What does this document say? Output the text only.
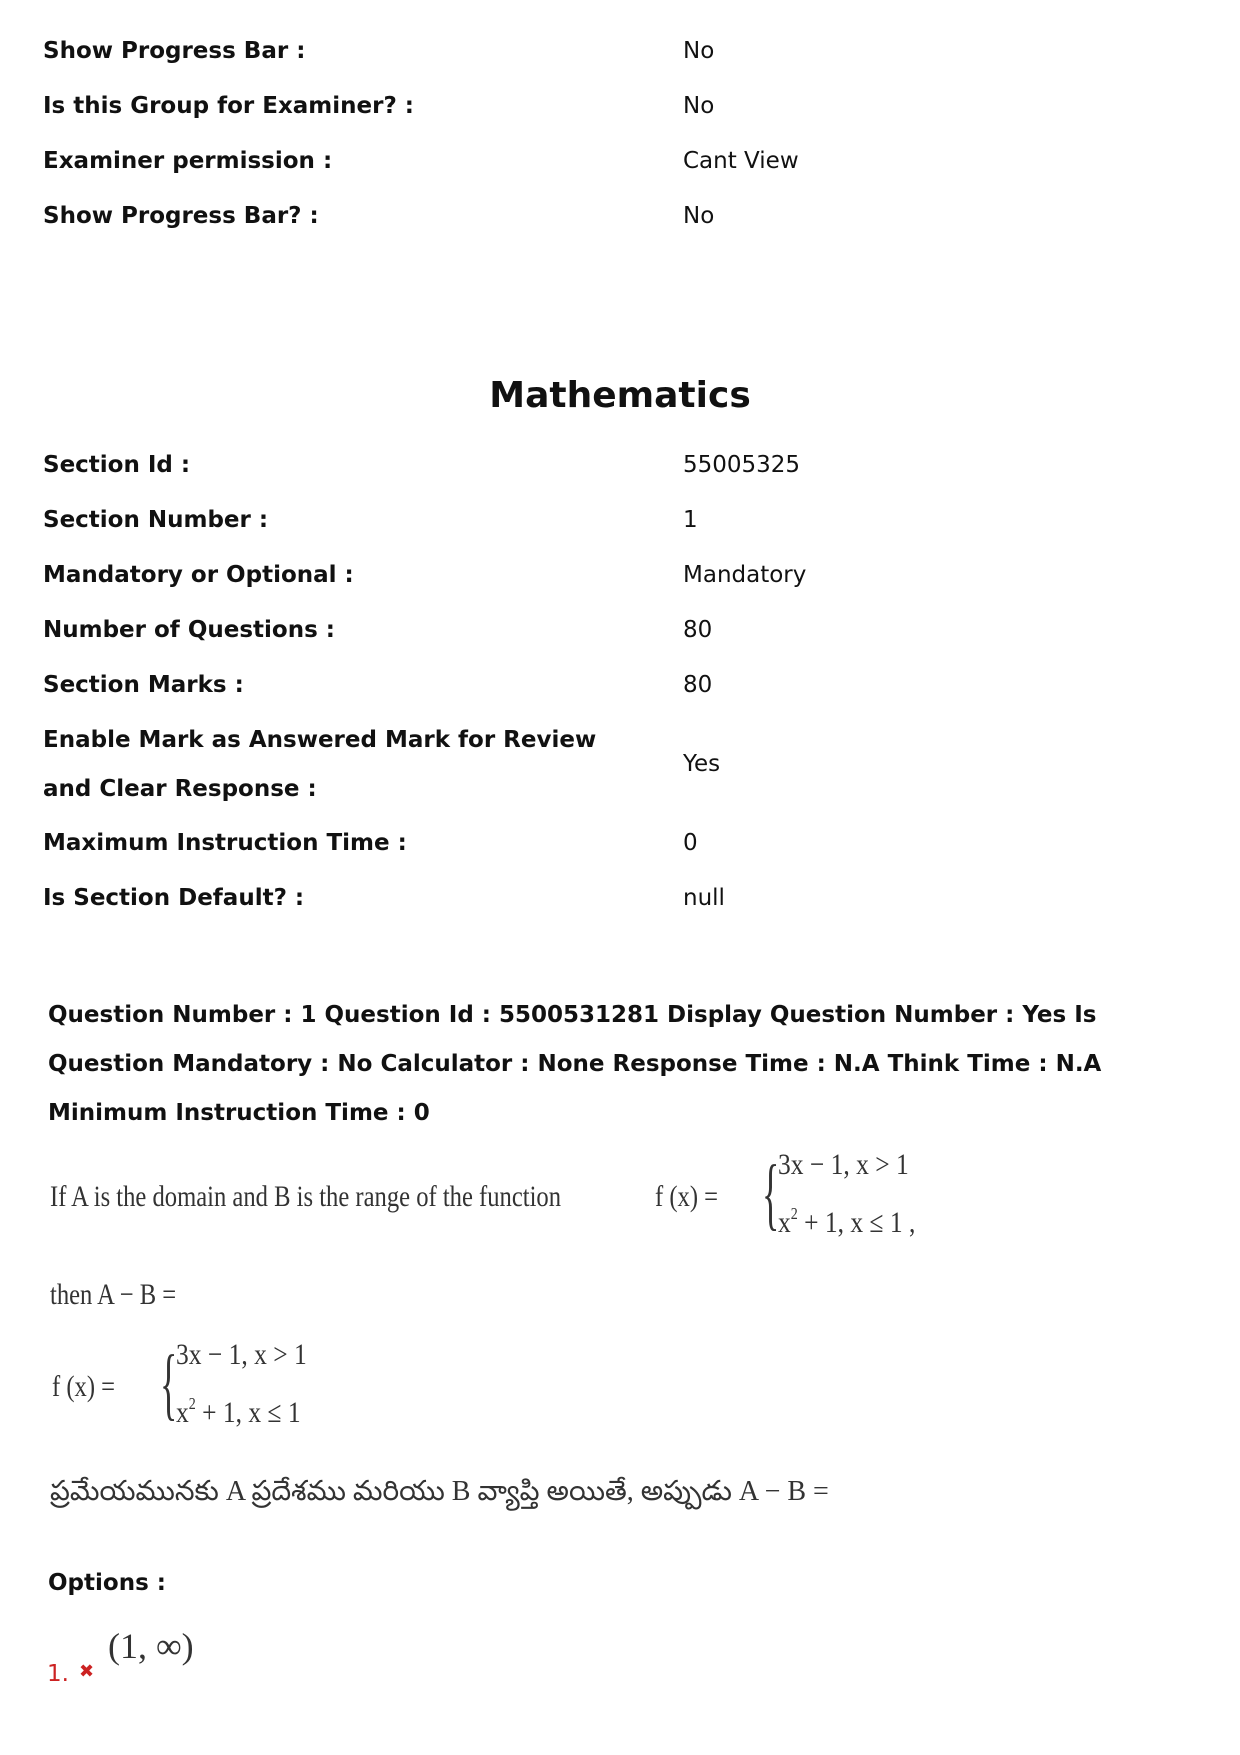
Show Progress Bar :	No
Is this Group for Examiner? :	No
Examiner permission :	Cant View
Show Progress Bar? :	No
Mathematics
Section Id :	55005325
Section Number :	1
Mandatory or Optional :	Mandatory
Number of Questions :	80
Section Marks :	80
Enable Mark as Answered Mark for Review and Clear Response :
Yes
Maximum Instruction Time :	0
Is Section Default? :	null
Question Number : 1 Question Id : 5500531281 Display Question Number : Yes Is Question Mandatory : No Calculator : None Response Time : N.A Think Time : N.A Minimum Instruction Time : 0
If A is the domain and B is the range of the function	f (x) = {
3x − 1, x > 1
$x^2 + 1$, x ≤ 1 ,
then A − B =
f (x) = {
3x − 1, x > 1
$x^2 + 1$, x ≤ 1
ప్రమేయమునకు A ప్రదేశము మరియు B వ్యాప్తి అయితే, అప్పుడు A − B =
Options :
1. ✖
(1, ∞)
